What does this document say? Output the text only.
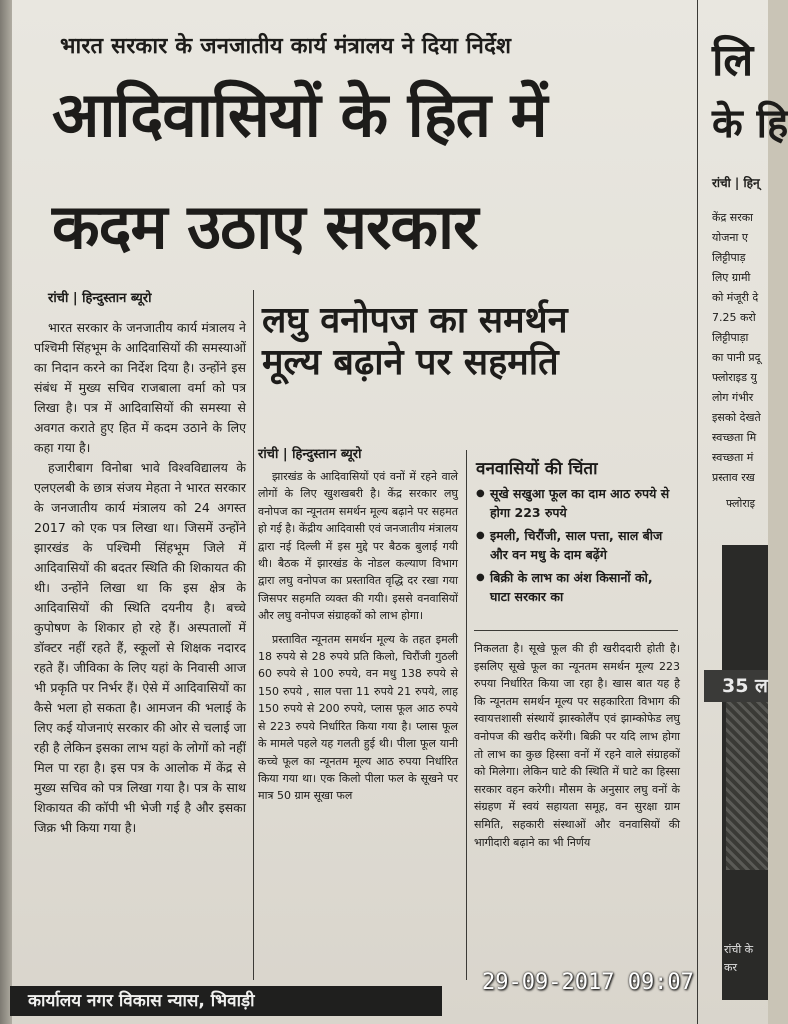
भारत सरकार के जनजातीय कार्य मंत्रालय ने दिया निर्देश
आदिवासियों के हित में
कदम उठाए सरकार
रांची | हिन्दुस्तान ब्यूरो

भारत सरकार के जनजातीय कार्य मंत्रालय ने पश्चिमी सिंहभूम के आदिवासियों की समस्याओं का निदान करने का निर्देश दिया है। उन्होंने इस संबंध में मुख्य सचिव राजबाला वर्मा को पत्र लिखा है। पत्र में आदिवासियों की समस्या से अवगत कराते हुए हित में कदम उठाने के लिए कहा गया है।

हजारीबाग विनोबा भावे विश्वविद्यालय के एलएलबी के छात्र संजय मेहता ने भारत सरकार के जनजातीय कार्य मंत्रालय को 24 अगस्त 2017 को एक पत्र लिखा था। जिसमें उन्होंने झारखंड के पश्चिमी सिंहभूम जिले में आदिवासियों की बदतर स्थिति की शिकायत की थी। उन्होंने लिखा था कि इस क्षेत्र के आदिवासियों की स्थिति दयनीय है। बच्चे कुपोषण के शिकार हो रहे हैं। अस्पतालों में डॉक्टर नहीं रहते हैं, स्कूलों से शिक्षक नदारद रहते हैं। जीविका के लिए यहां के निवासी आज भी प्रकृति पर निर्भर हैं। ऐसे में आदिवासियों का कैसे भला हो सकता है। आमजन की भलाई के लिए कई योजनाएं सरकार की ओर से चलाई जा रही है लेकिन इसका लाभ यहां के लोगों को नहीं मिल पा रहा है। इस पत्र के आलोक में केंद्र से मुख्य सचिव को पत्र लिखा गया है। पत्र के साथ शिकायत की कॉपी भी भेजी गई है और इसका जिक्र भी किया गया है।

लघु वनोपज का समर्थन
मूल्य बढ़ाने पर सहमति
रांची | हिन्दुस्तान ब्यूरो

झारखंड के आदिवासियों एवं वनों में रहने वाले लोगों के लिए खुशखबरी है। केंद्र सरकार लघु वनोपज का न्यूनतम समर्थन मूल्य बढ़ाने पर सहमत हो गई है। केंद्रीय आदिवासी एवं जनजातीय मंत्रालय द्वारा नई दिल्ली में इस मुद्दे पर बैठक बुलाई गयी थी। बैठक में झारखंड के नोडल कल्याण विभाग द्वारा लघु वनोपज का प्रस्तावित वृद्धि दर रखा गया जिसपर सहमति व्यक्त की गयी। इससे वनवासियों और लघु वनोपज संग्राहकों को लाभ होगा।

प्रस्तावित न्यूनतम समर्थन मूल्य के तहत इमली 18 रुपये से 28 रुपये प्रति किलो, चिरौंजी गुठली 60 रुपये से 100 रुपये, वन मधु 138 रुपये से 150 रुपये , साल पत्ता 11 रुपये 21 रुपये, लाह 150 रुपये से 200 रुपये, प्लास फूल आठ रुपये से 223 रुपये निर्धारित किया गया है। प्लास फूल के मामले पहले यह गलती हुई थी। पीला फूल यानी कच्चे फूल का न्यूनतम मूल्य आठ रुपया निर्धारित किया गया था। एक किलो पीला फल के सूखने पर मात्र 50 ग्राम सूखा फल

वनवासियों की चिंता
● सूखे सखुआ फूल का दाम आठ रुपये से होगा 223 रुपये
● इमली, चिरौंजी, साल पत्ता, साल बीज और वन मधु के दाम बढ़ेंगे
● बिक्री के लाभ का अंश किसानों को, घाटा सरकार का

निकलता है। सूखे फूल की ही खरीददारी होती है। इसलिए सूखे फूल का न्यूनतम समर्थन मूल्य 223 रुपया निर्धारित किया जा रहा है। खास बात यह है कि न्यूनतम समर्थन मूल्य पर सहकारिता विभाग की स्वायत्तशासी संस्थायें झास्कोलैंप एवं झाम्कोफेड लघु वनोपज की खरीद करेंगी। बिक्री पर यदि लाभ होगा तो लाभ का कुछ हिस्सा वनों में रहने वाले संग्राहकों को मिलेगा। लेकिन घाटे की स्थिति में घाटे का हिस्सा सरकार वहन करेगी। मौसम के अनुसार लघु वनों के संग्रहण में स्वयं सहायता समूह, वन सुरक्षा ग्राम समिति, सहकारी संस्थाओं और वनवासियों की भागीदारी बढ़ाने का भी निर्णय

लि
के हि
रांची | हिन्
केंद्र सरका
योजना ए
लिट्टीपाड़
लिए ग्रामी
को मंजूरी दे
7.25 करो
लिट्टीपाड़ा
का पानी प्रदू
फ्लोराइड यु
लोग गंभीर
इसको देखते
स्वच्छता मि
स्वच्छता मं
प्रस्ताव रख
फ्लोराइ
35 ल
रांची के
कर
कार्यालय नगर विकास न्यास, भिवाड़ी
29-09-2017 09:07
